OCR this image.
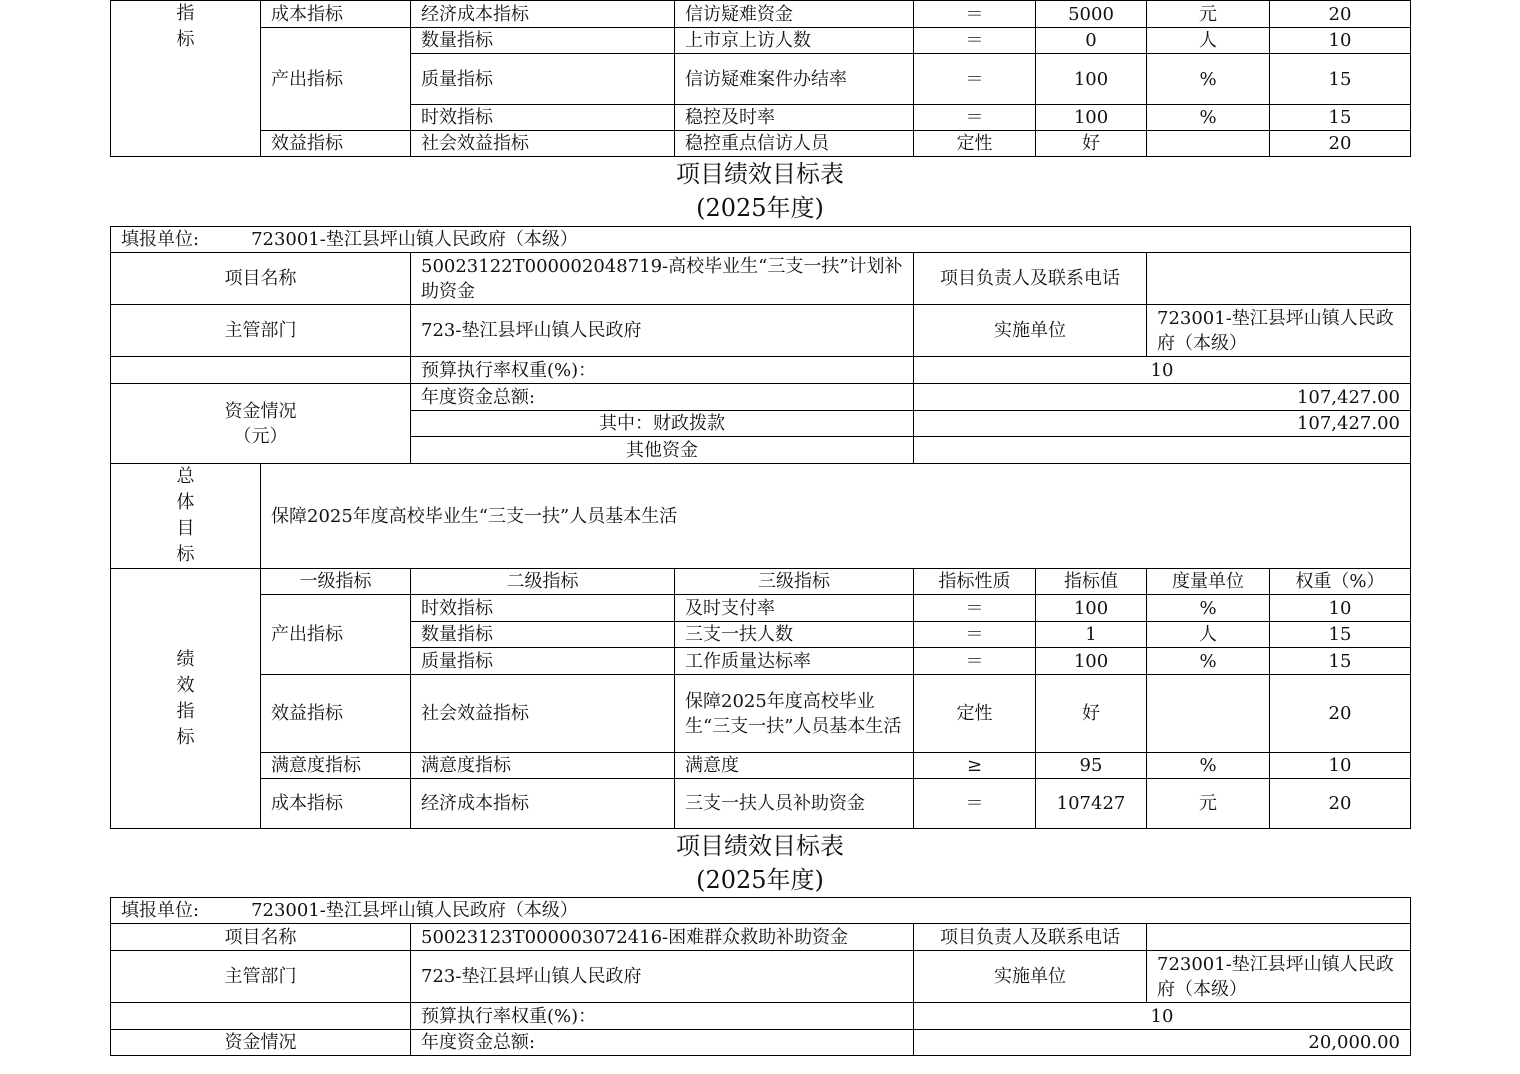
指
标	成本指标	经济成本指标	信访疑难资金	＝	5000	元	20
	产出指标	数量指标	上市京上访人数	＝	0	人	10
		质量指标	信访疑难案件办结率	＝	100	%	15
		时效指标	稳控及时率	＝	100	%	15
	效益指标	社会效益指标	稳控重点信访人员	定性	好		20
项目绩效目标表
(2025年度)
填报单位: 723001-垫江县坪山镇人民政府（本级）							
项目名称		50023122T000002048719-高校毕业生“三支一扶”计划补助资金		项目负责人及联系电话			
主管部门		723-垫江县坪山镇人民政府		实施单位		723001-垫江县坪山镇人民政府（本级）	
		预算执行率权重(%)：		10			

资金情况
（元）		年度资金总额:		107,427.00			
		其中：财政拨款		107,427.00			
		其他资金					

总
体
目
标	保障2025年度高校毕业生“三支一扶”人员基本生活						

绩
效
指
标	一级指标	二级指标	三级指标	指标性质	指标值	度量单位	权重（%）
	产出指标	时效指标	及时支付率	＝	100	%	10
		数量指标	三支一扶人数	＝	1	人	15
		质量指标	工作质量达标率	＝	100	%	15
	效益指标	社会效益指标	保障2025年度高校毕业生“三支一扶”人员基本生活	定性	好		20
	满意度指标	满意度指标	满意度	≥	95	%	10
	成本指标	经济成本指标	三支一扶人员补助资金	＝	107427	元	20
项目绩效目标表
(2025年度)
填报单位: 723001-垫江县坪山镇人民政府（本级）			
项目名称	50023123T000003072416-困难群众救助补助资金	项目负责人及联系电话	
主管部门	723-垫江县坪山镇人民政府	实施单位	723001-垫江县坪山镇人民政府（本级）
	预算执行率权重(%)：	10	
资金情况	年度资金总额:	20,000.00	
